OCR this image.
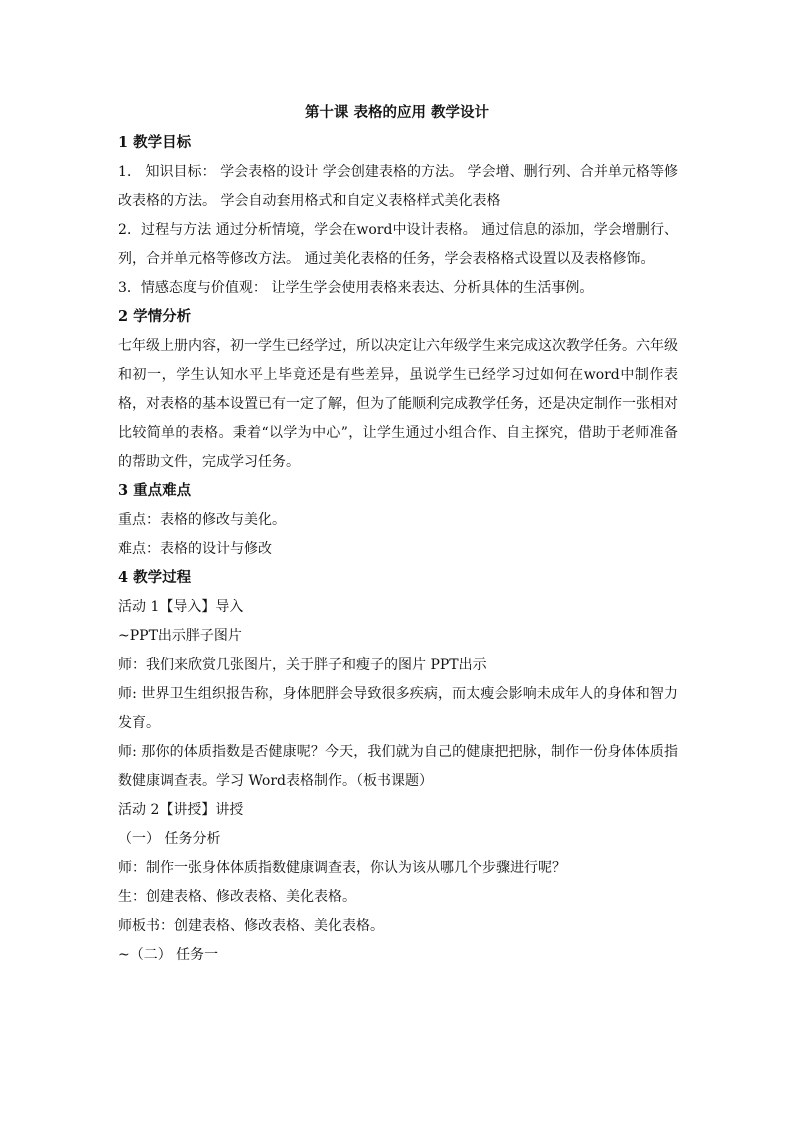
第十课 表格的应用 教学设计
1 教学目标
1． 知识目标： 学会表格的设计 学会创建表格的方法。 学会增、删行列、合并单元格等修改表格的方法。 学会自动套用格式和自定义表格样式美化表格
2．过程与方法 通过分析情境，学会在word中设计表格。 通过信息的添加，学会增删行、列，合并单元格等修改方法。 通过美化表格的任务，学会表格格式设置以及表格修饰。
3．情感态度与价值观： 让学生学会使用表格来表达、分析具体的生活事例。
2 学情分析
七年级上册内容，初一学生已经学过，所以决定让六年级学生来完成这次教学任务。六年级和初一，学生认知水平上毕竟还是有些差异，虽说学生已经学习过如何在word中制作表格，对表格的基本设置已有一定了解，但为了能顺利完成教学任务，还是决定制作一张相对比较简单的表格。秉着“以学为中心”，让学生通过小组合作、自主探究，借助于老师准备的帮助文件，完成学习任务。
3 重点难点
重点：表格的修改与美化。
难点：表格的设计与修改
4 教学过程
活动 1【导入】导入
~PPT出示胖子图片
师：我们来欣赏几张图片，关于胖子和瘦子的图片 PPT出示
师: 世界卫生组织报告称，身体肥胖会导致很多疾病，而太瘦会影响未成年人的身体和智力发育。
师: 那你的体质指数是否健康呢？今天，我们就为自己的健康把把脉，制作一份身体体质指数健康调查表。学习 Word表格制作。（板书课题）
活动 2【讲授】讲授
（一） 任务分析
师：制作一张身体体质指数健康调查表，你认为该从哪几个步骤进行呢？
生：创建表格、修改表格、美化表格。
师板书：创建表格、修改表格、美化表格。
~（二） 任务一
